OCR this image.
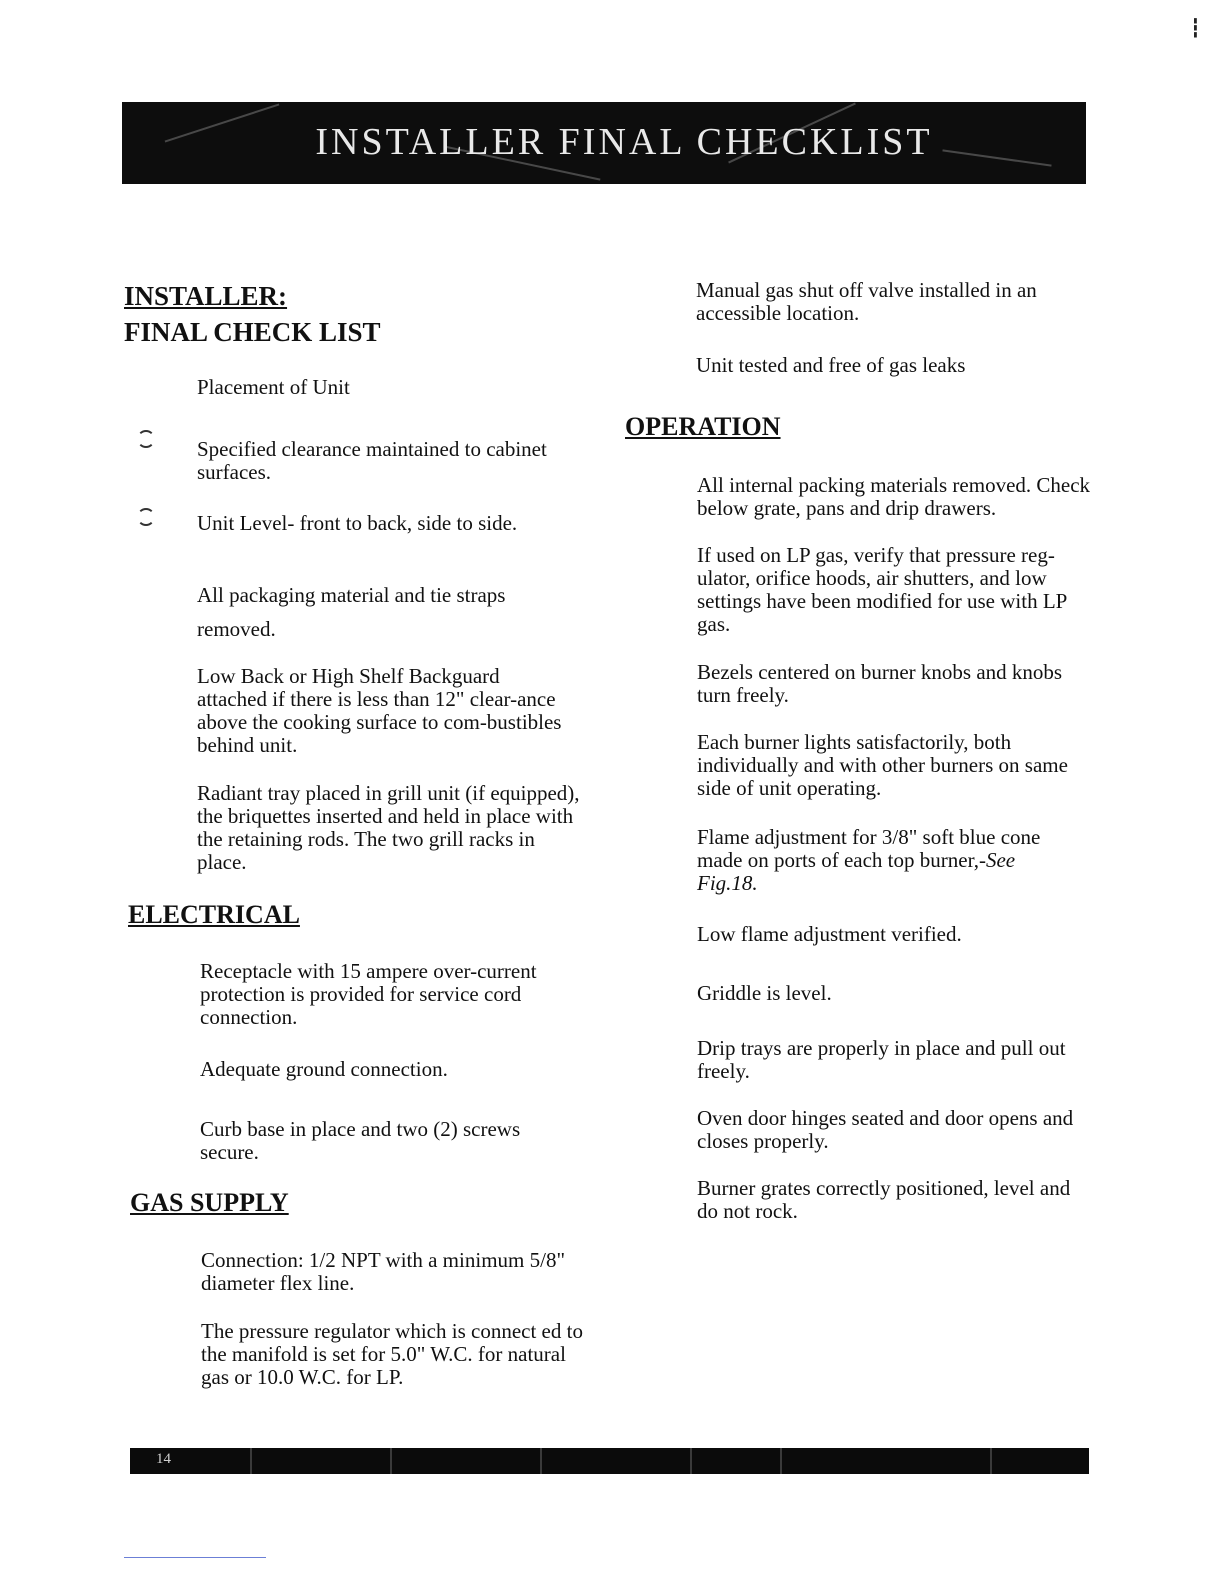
┇
INSTALLER FINAL CHECKLIST
INSTALLER:
FINAL CHECK LIST
Placement of Unit
Specified clearance maintained to cabinet surfaces.
Unit Level- front to back, side to side.
All packaging material and tie straps removed.
Low Back or High Shelf Backguard attached if there is less than 12" clear-ance above the cooking surface to com-bustibles behind unit.
Radiant tray placed in grill unit (if equipped), the briquettes inserted and held in place with the retaining rods. The two grill racks in place.
ELECTRICAL
Receptacle with 15 ampere over-current protection is provided for service cord connection.
Adequate ground connection.
Curb base in place and two (2) screws secure.
GAS SUPPLY
Connection: 1/2 NPT with a minimum 5/8" diameter flex line.
The pressure regulator which is connect ed to the manifold is set for 5.0" W.C. for natural gas or 10.0 W.C. for LP.
Manual gas shut off valve installed in an accessible location.
Unit tested and free of gas leaks
OPERATION
All internal packing materials removed. Check below grate, pans and drip drawers.
If used on LP gas, verify that pressure reg-ulator, orifice hoods, air shutters, and low settings have been modified for use with LP gas.
Bezels centered on burner knobs and knobs turn freely.
Each burner lights satisfactorily, both individually and with other burners on same side of unit operating.
Flame adjustment for 3/8" soft blue cone made on ports of each top burner,-See Fig.18.
Low flame adjustment verified.
Griddle is level.
Drip trays are properly in place and pull out freely.
Oven door hinges seated and door opens and closes properly.
Burner grates correctly positioned, level and do not rock.
14
